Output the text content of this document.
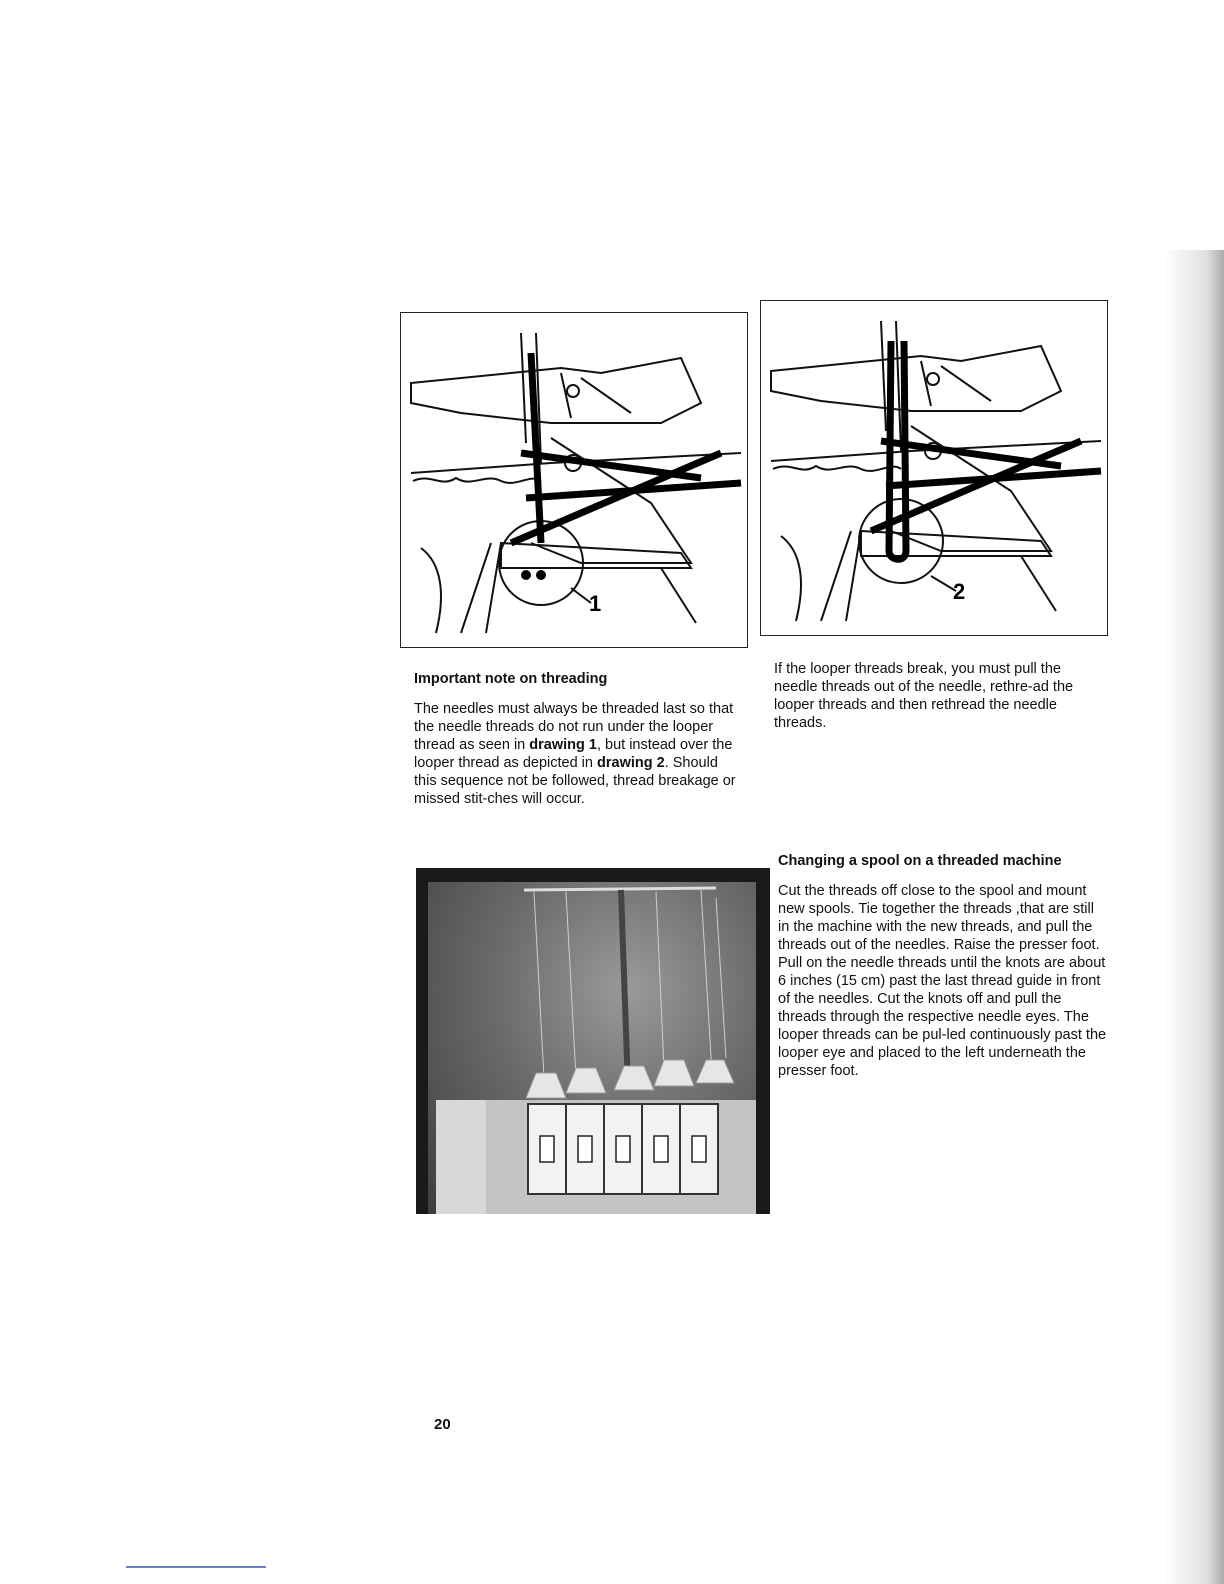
1	2

Important note on threading

The needles must always be threaded last so that the needle threads do not run under the looper thread as seen in drawing 1, but instead over the looper thread as depicted in drawing 2. Should this sequence not be followed, thread breakage or missed stit-ches will occur.

If the looper threads break, you must pull the needle threads out of the needle, rethre-ad the looper threads and then rethread the needle threads.

Changing a spool on a threaded machine

Cut the threads off close to the spool and mount new spools. Tie together the threads ,that are still in the machine with the new threads, and pull the threads out of the needles. Raise the presser foot. Pull on the needle threads until the knots are about 6 inches (15 cm) past the last thread guide in front of the needles. Cut the knots off and pull the threads through the respective needle eyes. The looper threads can be pul-led continuously past the looper eye and placed to the left underneath the presser foot.

20
